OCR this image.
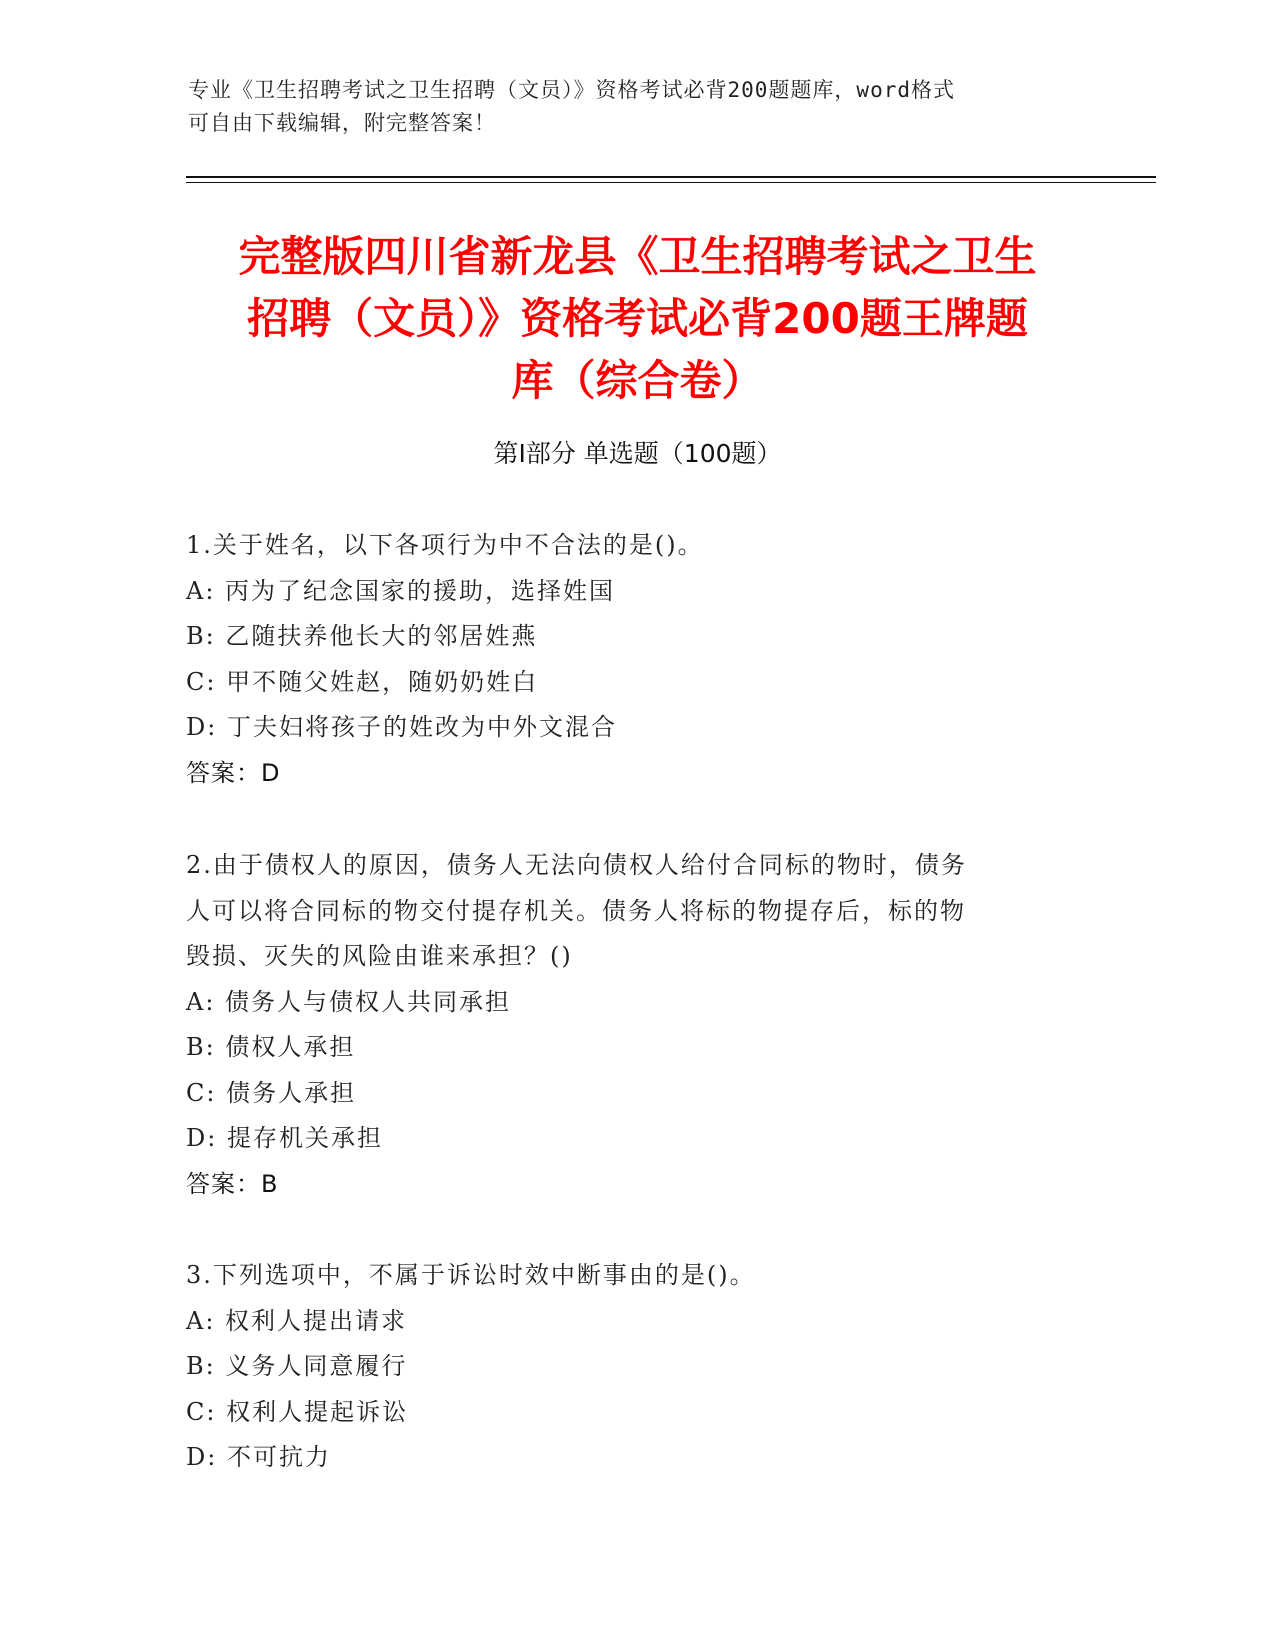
专业《卫生招聘考试之卫生招聘（文员）》资格考试必背200题题库，word格式
可自由下载编辑，附完整答案！
完整版四川省新龙县《卫生招聘考试之卫生
招聘（文员）》资格考试必背200题王牌题
库（综合卷）
第Ⅰ部分 单选题（100题）
1.关于姓名，以下各项行为中不合法的是()。
A: 丙为了纪念国家的援助，选择姓国
B: 乙随扶养他长大的邻居姓燕
C: 甲不随父姓赵，随奶奶姓白
D: 丁夫妇将孩子的姓改为中外文混合
答案：D
2.由于债权人的原因，债务人无法向债权人给付合同标的物时，债务
人可以将合同标的物交付提存机关。债务人将标的物提存后，标的物
毁损、灭失的风险由谁来承担？()
A: 债务人与债权人共同承担
B: 债权人承担
C: 债务人承担
D: 提存机关承担
答案：B
3.下列选项中，不属于诉讼时效中断事由的是()。
A: 权利人提出请求
B: 义务人同意履行
C: 权利人提起诉讼
D: 不可抗力
